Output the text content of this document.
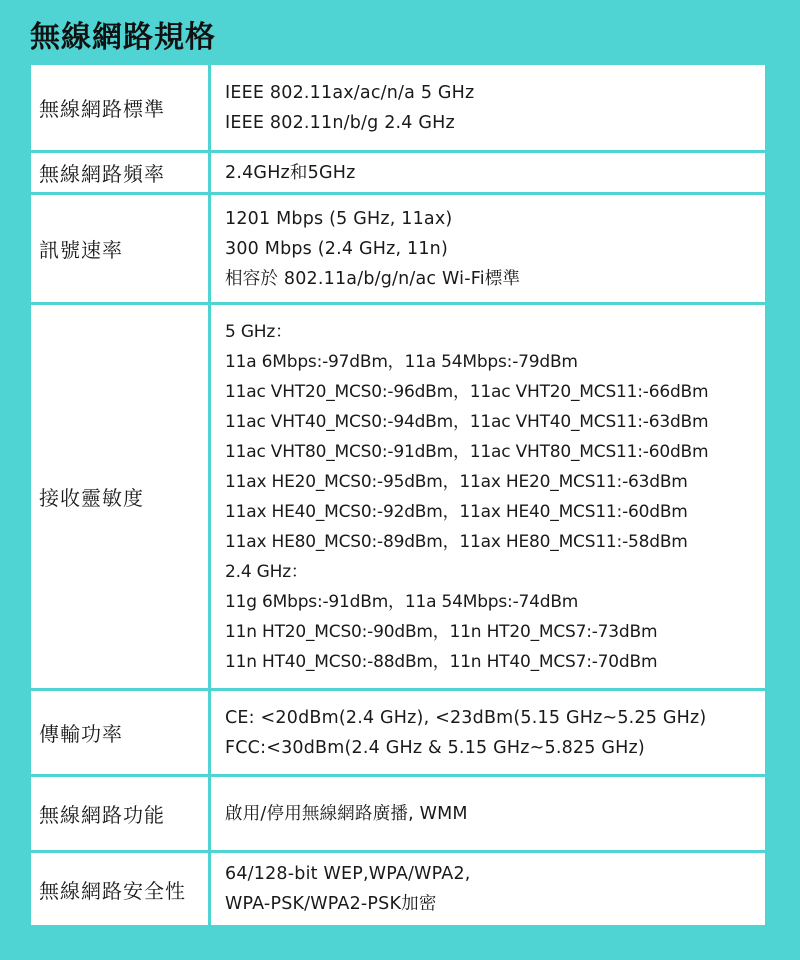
無線網路規格
無線網路標準
IEEE 802.11ax/ac/n/a 5 GHz
IEEE 802.11n/b/g 2.4 GHz
無線網路頻率	2.4GHz和5GHz
訊號速率
1201 Mbps (5 GHz, 11ax)
300 Mbps (2.4 GHz, 11n)
相容於 802.11a/b/g/n/ac Wi-Fi標準
接收靈敏度
5 GHz：
11a 6Mbps:-97dBm，11a 54Mbps:-79dBm
11ac VHT20_MCS0:-96dBm，11ac VHT20_MCS11:-66dBm
11ac VHT40_MCS0:-94dBm，11ac VHT40_MCS11:-63dBm
11ac VHT80_MCS0:-91dBm，11ac VHT80_MCS11:-60dBm
11ax HE20_MCS0:-95dBm，11ax HE20_MCS11:-63dBm
11ax HE40_MCS0:-92dBm，11ax HE40_MCS11:-60dBm
11ax HE80_MCS0:-89dBm，11ax HE80_MCS11:-58dBm
2.4 GHz：
11g 6Mbps:-91dBm，11a 54Mbps:-74dBm
11n HT20_MCS0:-90dBm，11n HT20_MCS7:-73dBm
11n HT40_MCS0:-88dBm，11n HT40_MCS7:-70dBm
傳輸功率
CE: <20dBm(2.4 GHz), <23dBm(5.15 GHz~5.25 GHz)
FCC:<30dBm(2.4 GHz & 5.15 GHz~5.825 GHz)
無線網路功能	啟用/停用無線網路廣播, WMM
無線網路安全性
64/128-bit WEP,WPA/WPA2,
WPA-PSK/WPA2-PSK加密
